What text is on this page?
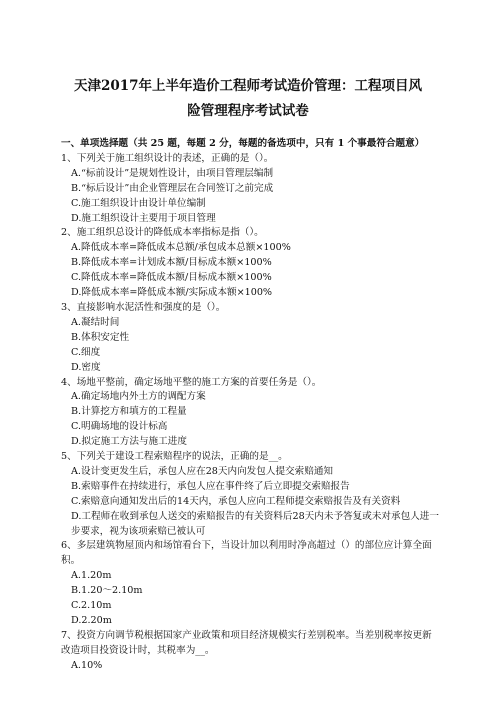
天津2017年上半年造价工程师考试造价管理：工程项目风
险管理程序考试试卷
一、单项选择题（共 25 题，每题 2 分，每题的备选项中，只有 1 个事最符合题意）
1、下列关于施工组织设计的表述，正确的是（）。
A.“标前设计”是规划性设计，由项目管理层编制
B.“标后设计”由企业管理层在合同签订之前完成
C.施工组织设计由设计单位编制
D.施工组织设计主要用于项目管理
2、施工组织总设计的降低成本率指标是指（）。
A.降低成本率=降低成本总额/承包成本总额×100%
B.降低成本率=计划成本额/目标成本额×100%
C.降低成本率=降低成本额/目标成本额×100%
D.降低成本率=降低成本额/实际成本额×100%
3、直接影响水泥活性和强度的是（）。
A.凝结时间
B.体积安定性
C.细度
D.密度
4、场地平整前，确定场地平整的施工方案的首要任务是（）。
A.确定场地内外土方的调配方案
B.计算挖方和填方的工程量
C.明确场地的设计标高
D.拟定施工方法与施工进度
5、下列关于建设工程索赔程序的说法，正确的是__。
A.设计变更发生后，承包人应在28天内向发包人提交索赔通知
B.索赔事件在持续进行，承包人应在事件终了后立即提交索赔报告
C.索赔意向通知发出后的14天内，承包人应向工程师提交索赔报告及有关资料
D.工程师在收到承包人送交的索赔报告的有关资料后28天内未予答复或未对承包人进一步要求，视为该项索赔已被认可
6、多层建筑物屋顶内和场馆看台下，当设计加以利用时净高超过（）的部位应计算全面积。
A.1.20m
B.1.20～2.10m
C.2.10m
D.2.20m
7、投资方向调节税根据国家产业政策和项目经济规模实行差别税率。当差别税率按更新改造项目投资设计时，其税率为__。
A.10%
